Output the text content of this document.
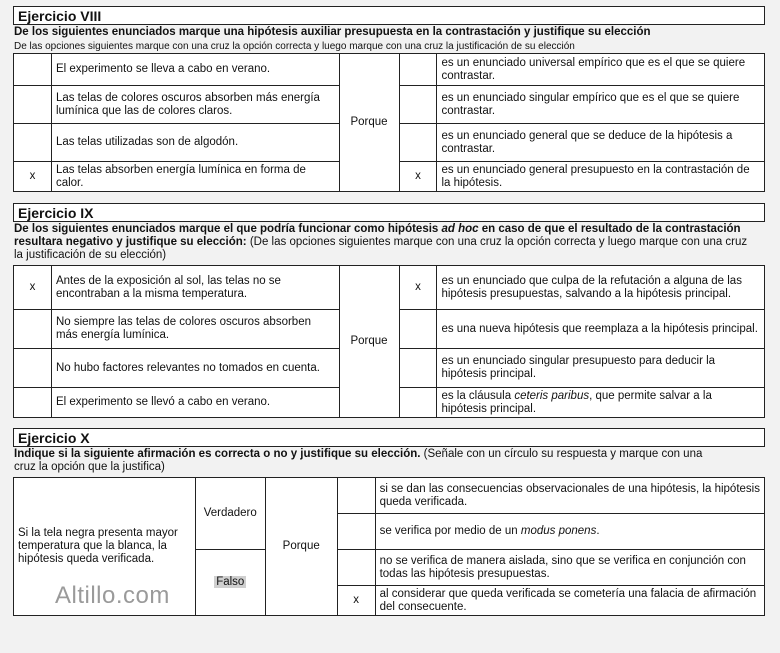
Ejercicio VIII
De los siguientes enunciados marque una hipótesis auxiliar presupuesta en la contrastación y justifique su elección
De las opciones siguientes marque con una cruz la opción correcta y luego marque con una cruz la justificación de su elección
	El experimento se lleva a cabo en verano.	Porque		es un enunciado universal empírico que es el que se quiere contrastar.
	Las telas de colores oscuros absorben más energía lumínica que las de colores claros.			es un enunciado singular empírico que es el que se quiere contrastar.
	Las telas utilizadas son de algodón.			es un enunciado general que se deduce de la hipótesis a contrastar.
x	Las telas absorben energía lumínica en forma de calor.		x	es un enunciado general presupuesto en la contrastación de la hipótesis.
Ejercicio IX
De los siguientes enunciados marque el que podría funcionar como hipótesis ad hoc en caso de que el resultado de la contrastación resultara negativo y justifique su elección: (De las opciones siguientes marque con una cruz la opción correcta y luego marque con una cruz la justificación de su elección)
x	Antes de la exposición al sol, las telas no se encontraban a la misma temperatura.	Porque	x	es un enunciado que culpa de la refutación a alguna de las hipótesis presupuestas, salvando a la hipótesis principal.
	No siempre las telas de colores oscuros absorben más energía lumínica.			es una nueva hipótesis que reemplaza a la hipótesis principal.
	No hubo factores relevantes no tomados en cuenta.			es un enunciado singular presupuesto para deducir la hipótesis principal.
	El experimento se llevó a cabo en verano.			es la cláusula ceteris paribus, que permite salvar a la hipótesis principal.
Ejercicio X
Indique si la siguiente afirmación es correcta o no y justifique su elección. (Señale con un círculo su respuesta y marque con una cruz la opción que la justifica)
Si la tela negra presenta mayor temperatura que la blanca, la hipótesis queda verificada.	Verdadero	Porque		si se dan las consecuencias observacionales de una hipótesis, la hipótesis queda verificada.
				se verifica por medio de un modus ponens.
	Falso			no se verifica de manera aislada, sino que se verifica en conjunción con todas las hipótesis presupuestas.
			x	al considerar que queda verificada se cometería una falacia de afirmación del consecuente.
Altillo.com
